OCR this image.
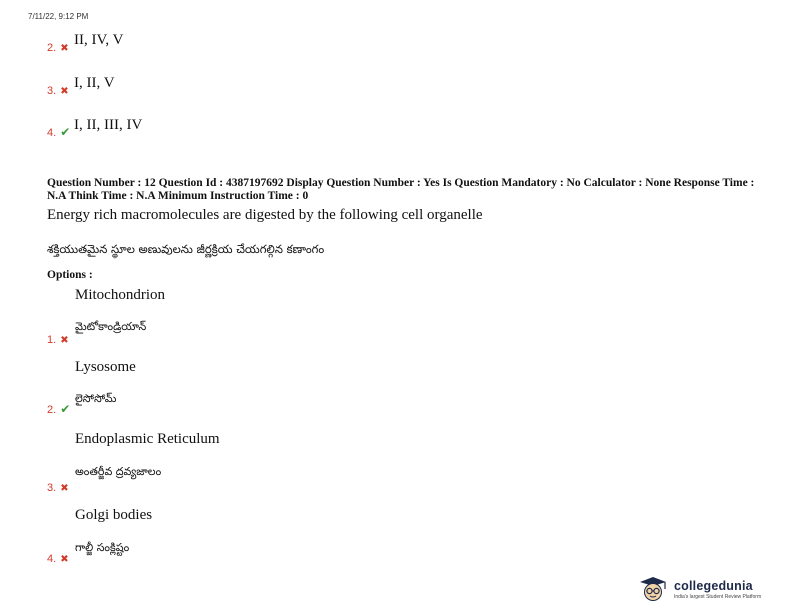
7/11/22, 9:12 PM
2. ✖
II, IV, V
3. ✖
I, II, V
4. ✔ I, II, III, IV
Question Number : 12 Question Id : 4387197692 Display Question Number : Yes Is Question Mandatory : No Calculator : None Response Time : N.A Think Time : N.A Minimum Instruction Time : 0
Energy rich macromolecules are digested by the following cell organelle
శక్తియుతమైన స్థూల అణువులను జీర్ణక్రియ చేయగల్గిన కణాంగం
Options :
Mitochondrion
1. ✖
మైటోకాండ్రియాన్
Lysosome
2. ✔
లైసోసోమ్
Endoplasmic Reticulum
3. ✖
అంతర్జీవ ద్రవ్యజాలం
Golgi bodies
4. ✖
గాల్జీ సంక్లిష్టం
collegedunia
India's largest Student Review Platform
